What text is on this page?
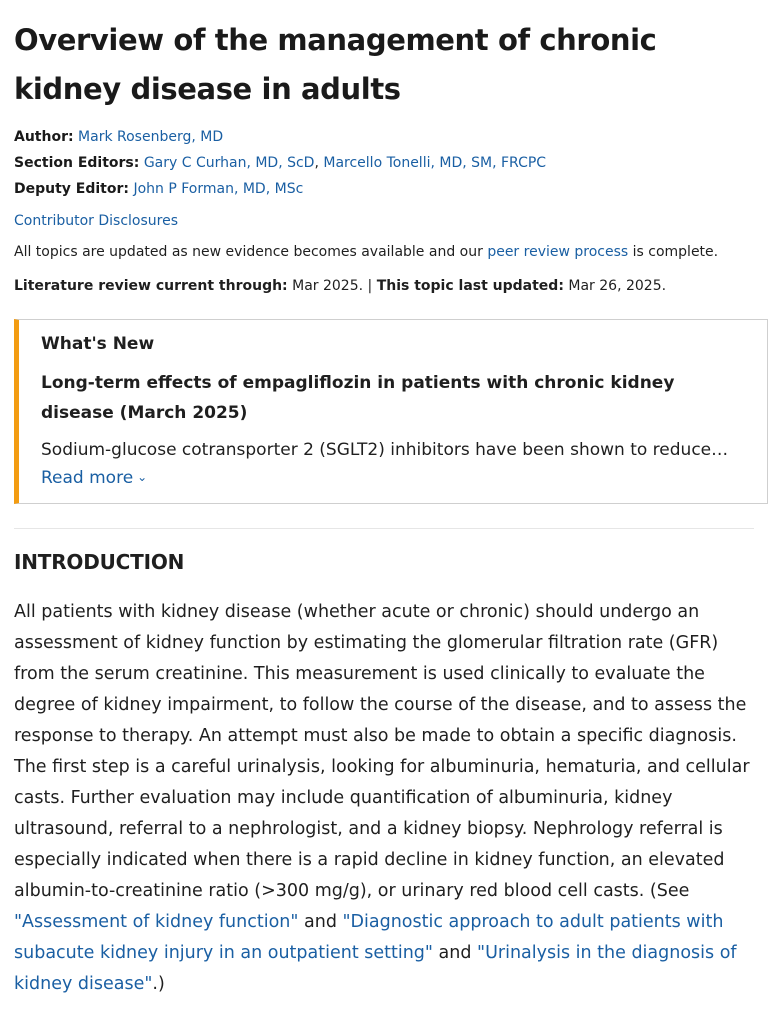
Overview of the management of chronic kidney disease in adults
Author: Mark Rosenberg, MD
Section Editors: Gary C Curhan, MD, ScD, Marcello Tonelli, MD, SM, FRCPC
Deputy Editor: John P Forman, MD, MSc
Contributor Disclosures
All topics are updated as new evidence becomes available and our peer review process is complete.
Literature review current through: Mar 2025. | This topic last updated: Mar 26, 2025.
What's New
Long-term effects of empagliflozin in patients with chronic kidney disease (March 2025)
Sodium-glucose cotransporter 2 (SGLT2) inhibitors have been shown to reduce…
Read more ⌄
INTRODUCTION

All patients with kidney disease (whether acute or chronic) should undergo an assessment of kidney function by estimating the glomerular filtration rate (GFR) from the serum creatinine. This measurement is used clinically to evaluate the degree of kidney impairment, to follow the course of the disease, and to assess the response to therapy. An attempt must also be made to obtain a specific diagnosis. The first step is a careful urinalysis, looking for albuminuria, hematuria, and cellular casts. Further evaluation may include quantification of albuminuria, kidney ultrasound, referral to a nephrologist, and a kidney biopsy. Nephrology referral is especially indicated when there is a rapid decline in kidney function, an elevated albumin-to-creatinine ratio (>300 mg/g), or urinary red blood cell casts. (See "Assessment of kidney function" and "Diagnostic approach to adult patients with subacute kidney injury in an outpatient setting" and "Urinalysis in the diagnosis of kidney disease".)
